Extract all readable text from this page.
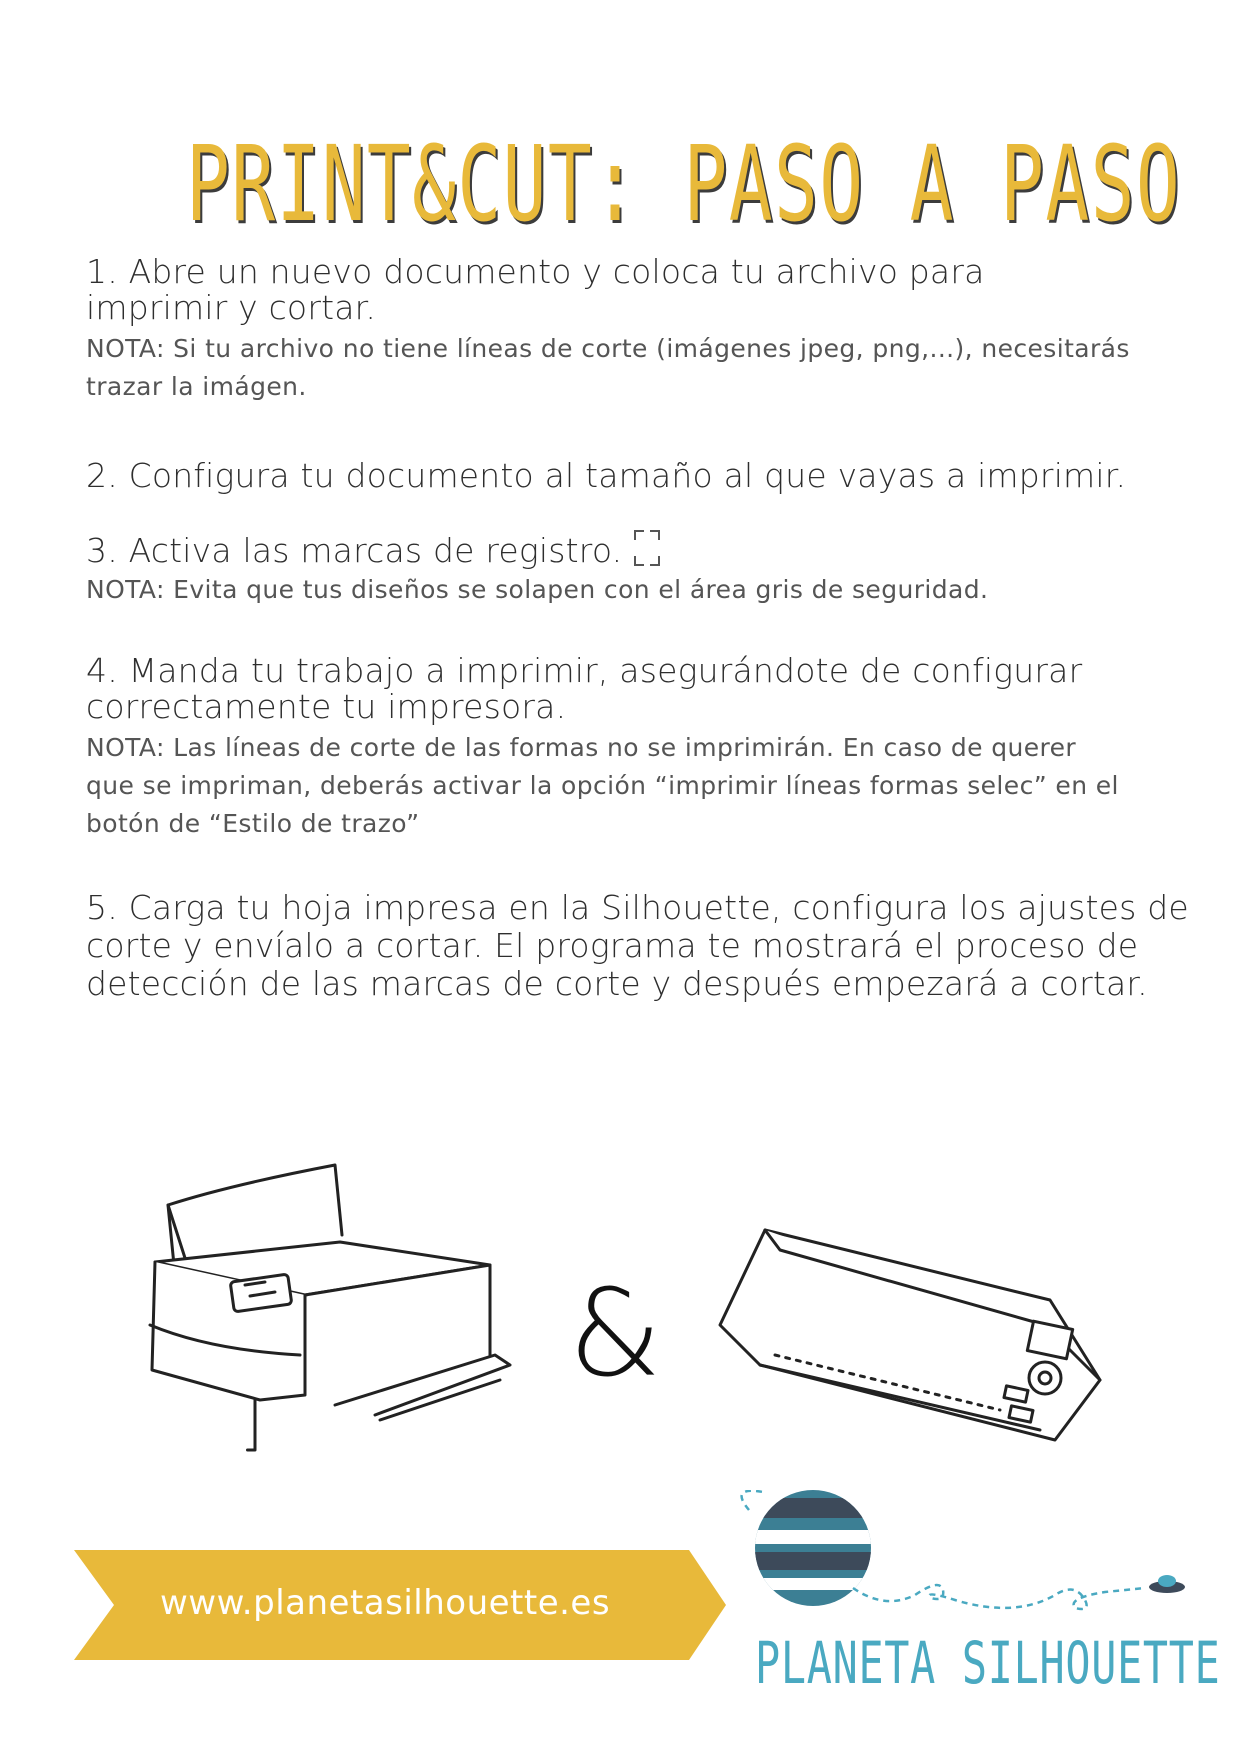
PRINT&CUT: PASO A PASO
1. Abre un nuevo documento y coloca tu archivo para imprimir y cortar.
NOTA: Si tu archivo no tiene líneas de corte (imágenes jpeg, png,...), necesitarás trazar la imágen.
2. Configura tu documento al tamaño al que vayas a imprimir.
3. Activa las marcas de registro.
NOTA: Evita que tus diseños se solapen con el área gris de seguridad.
4. Manda tu trabajo a imprimir, asegurándote de configurar correctamente tu impresora.
NOTA: Las líneas de corte de las formas no se imprimirán. En caso de querer que se impriman, deberás activar la opción “imprimir líneas formas selec” en el botón de “Estilo de trazo”
5. Carga tu hoja impresa en la Silhouette, configura los ajustes de corte y envíalo a cortar. El programa te mostrará el proceso de detección de las marcas de corte y después empezará a cortar.
&
www.planetasilhouette.es
PLANETA SILHOUETTE
